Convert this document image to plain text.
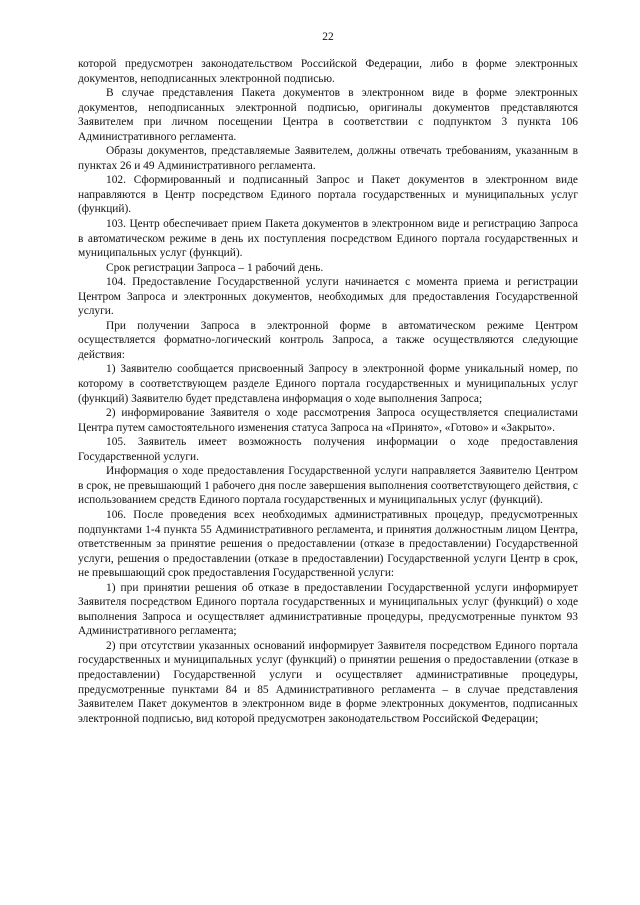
22

которой предусмотрен законодательством Российской Федерации, либо в форме электронных документов, неподписанных электронной подписью.

В случае представления Пакета документов в электронном виде в форме электронных документов, неподписанных электронной подписью, оригиналы документов представляются Заявителем при личном посещении Центра в соответствии с подпунктом 3 пункта 106 Административного регламента.

Образы документов, представляемые Заявителем, должны отвечать требованиям, указанным в пунктах 26 и 49 Административного регламента.

102. Сформированный и подписанный Запрос и Пакет документов в электронном виде направляются в Центр посредством Единого портала государственных и муниципальных услуг (функций).

103. Центр обеспечивает прием Пакета документов в электронном виде и регистрацию Запроса в автоматическом режиме в день их поступления посредством Единого портала государственных и муниципальных услуг (функций).

Срок регистрации Запроса – 1 рабочий день.

104. Предоставление Государственной услуги начинается с момента приема и регистрации Центром Запроса и электронных документов, необходимых для предоставления Государственной услуги.

При получении Запроса в электронной форме в автоматическом режиме Центром осуществляется форматно-логический контроль Запроса, а также осуществляются следующие действия:

1) Заявителю сообщается присвоенный Запросу в электронной форме уникальный номер, по которому в соответствующем разделе Единого портала государственных и муниципальных услуг (функций) Заявителю будет представлена информация о ходе выполнения Запроса;

2) информирование Заявителя о ходе рассмотрения Запроса осуществляется специалистами Центра путем самостоятельного изменения статуса Запроса на «Принято», «Готово» и «Закрыто».

105. Заявитель имеет возможность получения информации о ходе предоставления Государственной услуги.

Информация о ходе предоставления Государственной услуги направляется Заявителю Центром в срок, не превышающий 1 рабочего дня после завершения выполнения соответствующего действия, с использованием средств Единого портала государственных и муниципальных услуг (функций).

106. После проведения всех необходимых административных процедур, предусмотренных подпунктами 1-4 пункта 55 Административного регламента, и принятия должностным лицом Центра, ответственным за принятие решения о предоставлении (отказе в предоставлении) Государственной услуги, решения о предоставлении (отказе в предоставлении) Государственной услуги Центр в срок, не превышающий срок предоставления Государственной услуги:

1) при принятии решения об отказе в предоставлении Государственной услуги информирует Заявителя посредством Единого портала государственных и муниципальных услуг (функций) о ходе выполнения Запроса и осуществляет административные процедуры, предусмотренные пунктом 93 Административного регламента;

2) при отсутствии указанных оснований информирует Заявителя посредством Единого портала государственных и муниципальных услуг (функций) о принятии решения о предоставлении (отказе в предоставлении) Государственной услуги и осуществляет административные процедуры, предусмотренные пунктами 84 и 85 Административного регламента – в случае представления Заявителем Пакет документов в электронном виде в форме электронных документов, подписанных электронной подписью, вид которой предусмотрен законодательством Российской Федерации;
